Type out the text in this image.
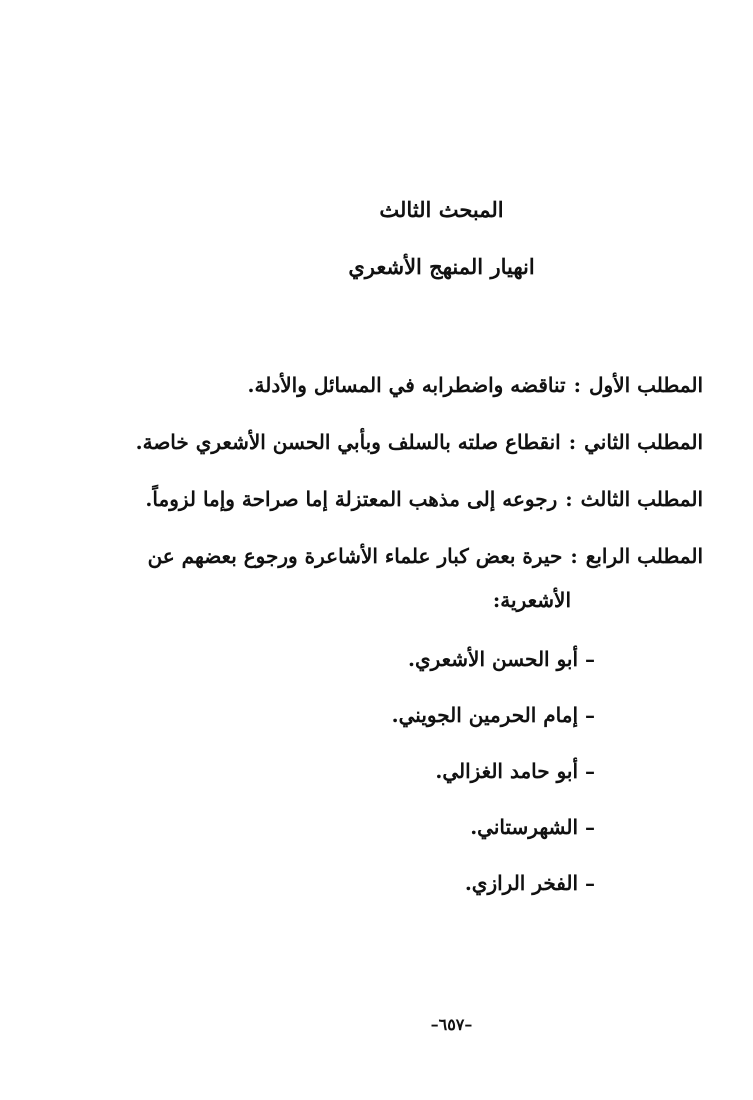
المبحث الثالث
انهيار المنهج الأشعري
المطلب الأول
:
تناقضه واضطرابه في المسائل والأدلة.
المطلب الثاني
:
انقطاع صلته بالسلف وبأبي الحسن الأشعري خاصة.
المطلب الثالث
:
رجوعه إلى مذهب المعتزلة إما صراحة وإما لزوماً.
المطلب الرابع
:
حيرة بعض كبار علماء الأشاعرة ورجوع بعضهم عن
الأشعرية:
– أبو الحسن الأشعري.
– إمام الحرمين الجويني.
– أبو حامد الغزالي.
– الشهرستاني.
– الفخر الرازي.
–٦٥٧–
